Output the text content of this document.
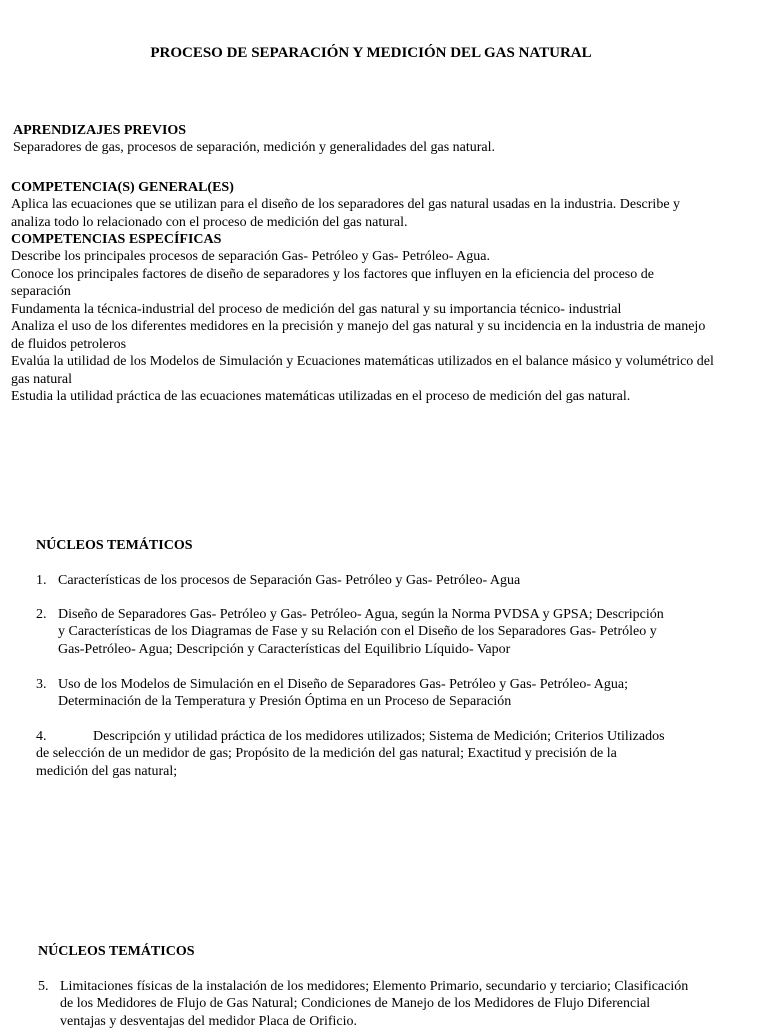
PROCESO DE SEPARACIÓN Y MEDICIÓN DEL GAS NATURAL
APRENDIZAJES PREVIOS
Separadores de gas, procesos de separación, medición y generalidades del gas natural.
COMPETENCIA(S) GENERAL(ES)
Aplica las ecuaciones que se utilizan para el diseño de los separadores del gas natural usadas en la industria. Describe y
analiza todo lo relacionado con el proceso de medición del gas natural.
COMPETENCIAS ESPECÍFICAS
Describe los principales procesos de separación Gas- Petróleo y Gas- Petróleo- Agua.
Conoce los principales factores de diseño de separadores y los factores que influyen en la eficiencia del proceso de
separación
Fundamenta la técnica-industrial del proceso de medición del gas natural y su importancia técnico- industrial
Analiza el uso de los diferentes medidores en la precisión y manejo del gas natural y su incidencia en la industria de manejo
de fluidos petroleros
Evalúa la utilidad de los Modelos de Simulación y Ecuaciones matemáticas utilizados en el balance másico y volumétrico del
gas natural
Estudia la utilidad práctica de las ecuaciones matemáticas utilizadas en el proceso de medición del gas natural.
NÚCLEOS TEMÁTICOS
1. Características de los procesos de Separación Gas- Petróleo y Gas- Petróleo- Agua
2. Diseño de Separadores Gas- Petróleo y Gas- Petróleo- Agua, según la Norma PVDSA y GPSA; Descripción
y Características de los Diagramas de Fase y su Relación con el Diseño de los Separadores Gas- Petróleo y
Gas-Petróleo- Agua; Descripción y Características del Equilibrio Líquido- Vapor
3. Uso de los Modelos de Simulación en el Diseño de Separadores Gas- Petróleo y Gas- Petróleo- Agua;
Determinación de la Temperatura y Presión Óptima en un Proceso de Separación
4.	Descripción y utilidad práctica de los medidores utilizados; Sistema de Medición; Criterios Utilizados
de selección de un medidor de gas; Propósito de la medición del gas natural; Exactitud y precisión de la
medición del gas natural;
NÚCLEOS TEMÁTICOS
5. Limitaciones físicas de la instalación de los medidores; Elemento Primario, secundario y terciario; Clasificación
de los Medidores de Flujo de Gas Natural; Condiciones de Manejo de los Medidores de Flujo Diferencial
ventajas y desventajas del medidor Placa de Orificio.
